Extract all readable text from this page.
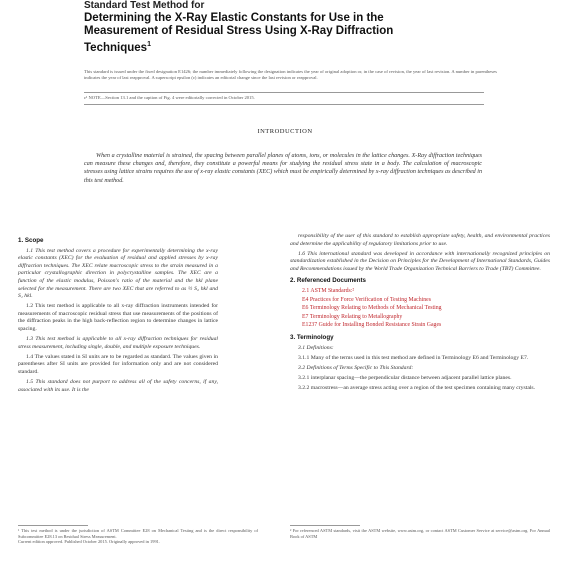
Standard Test Method for
Determining the X-Ray Elastic Constants for Use in the
Measurement of Residual Stress Using X-Ray Diffraction
Techniques$^1$
This standard is issued under the fixed designation E1426; the number immediately following the designation indicates the year of original adoption or, in the case of revision, the year of last revision. A number in parentheses indicates the year of last reapproval. A superscript epsilon (ε) indicates an editorial change since the last revision or reapproval.
ε¹ NOTE—Section 13.1 and the caption of Fig. 4 were editorially corrected in October 2015.
INTRODUCTION
When a crystalline material is strained, the spacing between parallel planes of atoms, ions, or molecules in the lattice changes. X-Ray diffraction techniques can measure these changes and, therefore, they constitute a powerful means for studying the residual stress state in a body. The calculation of macroscopic stresses using lattice strains requires the use of x-ray elastic constants (XEC) which must be empirically determined by x-ray diffraction techniques as described in this test method.
1. Scope

1.1 This test method covers a procedure for experimentally determining the x-ray elastic constants (XEC) for the evaluation of residual and applied stresses by x-ray diffraction techniques. The XEC relate macroscopic stress to the strain measured in a particular crystallographic direction in polycrystalline samples. The XEC are a function of the elastic modulus, Poisson's ratio of the material and the hkl plane selected for the measurement. There are two XEC that are referred to as ½ S₂ hkl and S₁ hkl.

1.2 This test method is applicable to all x-ray diffraction instruments intended for measurements of macroscopic residual stress that use measurements of the positions of the diffraction peaks in the high back-reflection region to determine changes in lattice spacing.

1.3 This test method is applicable to all x-ray diffraction techniques for residual stress measurement, including single, double, and multiple exposure techniques.

1.4 The values stated in SI units are to be regarded as standard. The values given in parentheses after SI units are provided for information only and are not considered standard.

1.5 This standard does not purport to address all of the safety concerns, if any, associated with its use. It is the

responsibility of the user of this standard to establish appropriate safety, health, and environmental practices and determine the applicability of regulatory limitations prior to use.

1.6 This international standard was developed in accordance with internationally recognized principles on standardization established in the Decision on Principles for the Development of International Standards, Guides and Recommendations issued by the World Trade Organization Technical Barriers to Trade (TBT) Committee.

2. Referenced Documents
2.1 ASTM Standards:²
E4 Practices for Force Verification of Testing Machines
E6 Terminology Relating to Methods of Mechanical Testing
E7 Terminology Relating to Metallography
E1237 Guide for Installing Bonded Resistance Strain Gages
3. Terminology

3.1 Definitions:

3.1.1 Many of the terms used in this test method are defined in Terminology E6 and Terminology E7.

3.2 Definitions of Terms Specific to This Standard:

3.2.1 interplanar spacing—the perpendicular distance between adjacent parallel lattice planes.

3.2.2 macrostress—an average stress acting over a region of the test specimen containing many crystals.

¹ This test method is under the jurisdiction of ASTM Committee E28 on Mechanical Testing and is the direct responsibility of Subcommittee E28.13 on Residual Stress Measurement.
Current edition approved. Published October 2015. Originally approved in 1991.
² For referenced ASTM standards, visit the ASTM website, www.astm.org, or contact ASTM Customer Service at service@astm.org. For Annual Book of ASTM
